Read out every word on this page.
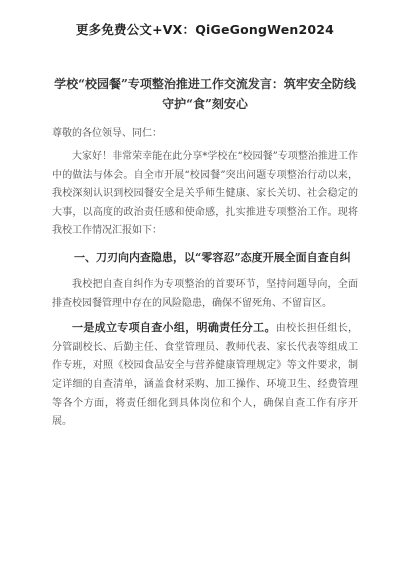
更多免费公文+VX：QiGeGongWen2024
学校“校园餐”专项整治推进工作交流发言：筑牢安全防线守护“食”刻安心
尊敬的各位领导、同仁：
大家好！非常荣幸能在此分享*学校在“校园餐”专项整治推进工作中的做法与体会。自全市开展“校园餐”突出问题专项整治行动以来，我校深刻认识到校园餐安全是关乎师生健康、家长关切、社会稳定的大事，以高度的政治责任感和使命感，扎实推进专项整治工作。现将我校工作情况汇报如下：
一、刀刃向内查隐患，以“零容忍”态度开展全面自查自纠
我校把自查自纠作为专项整治的首要环节，坚持问题导向，全面排查校园餐管理中存在的风险隐患，确保不留死角、不留盲区。
一是成立专项自查小组，明确责任分工。由校长担任组长，分管副校长、后勤主任、食堂管理员、教师代表、家长代表等组成工作专班，对照《校园食品安全与营养健康管理规定》等文件要求，制定详细的自查清单，涵盖食材采购、加工操作、环境卫生、经费管理等各个方面，将责任细化到具体岗位和个人，确保自查工作有序开展。
